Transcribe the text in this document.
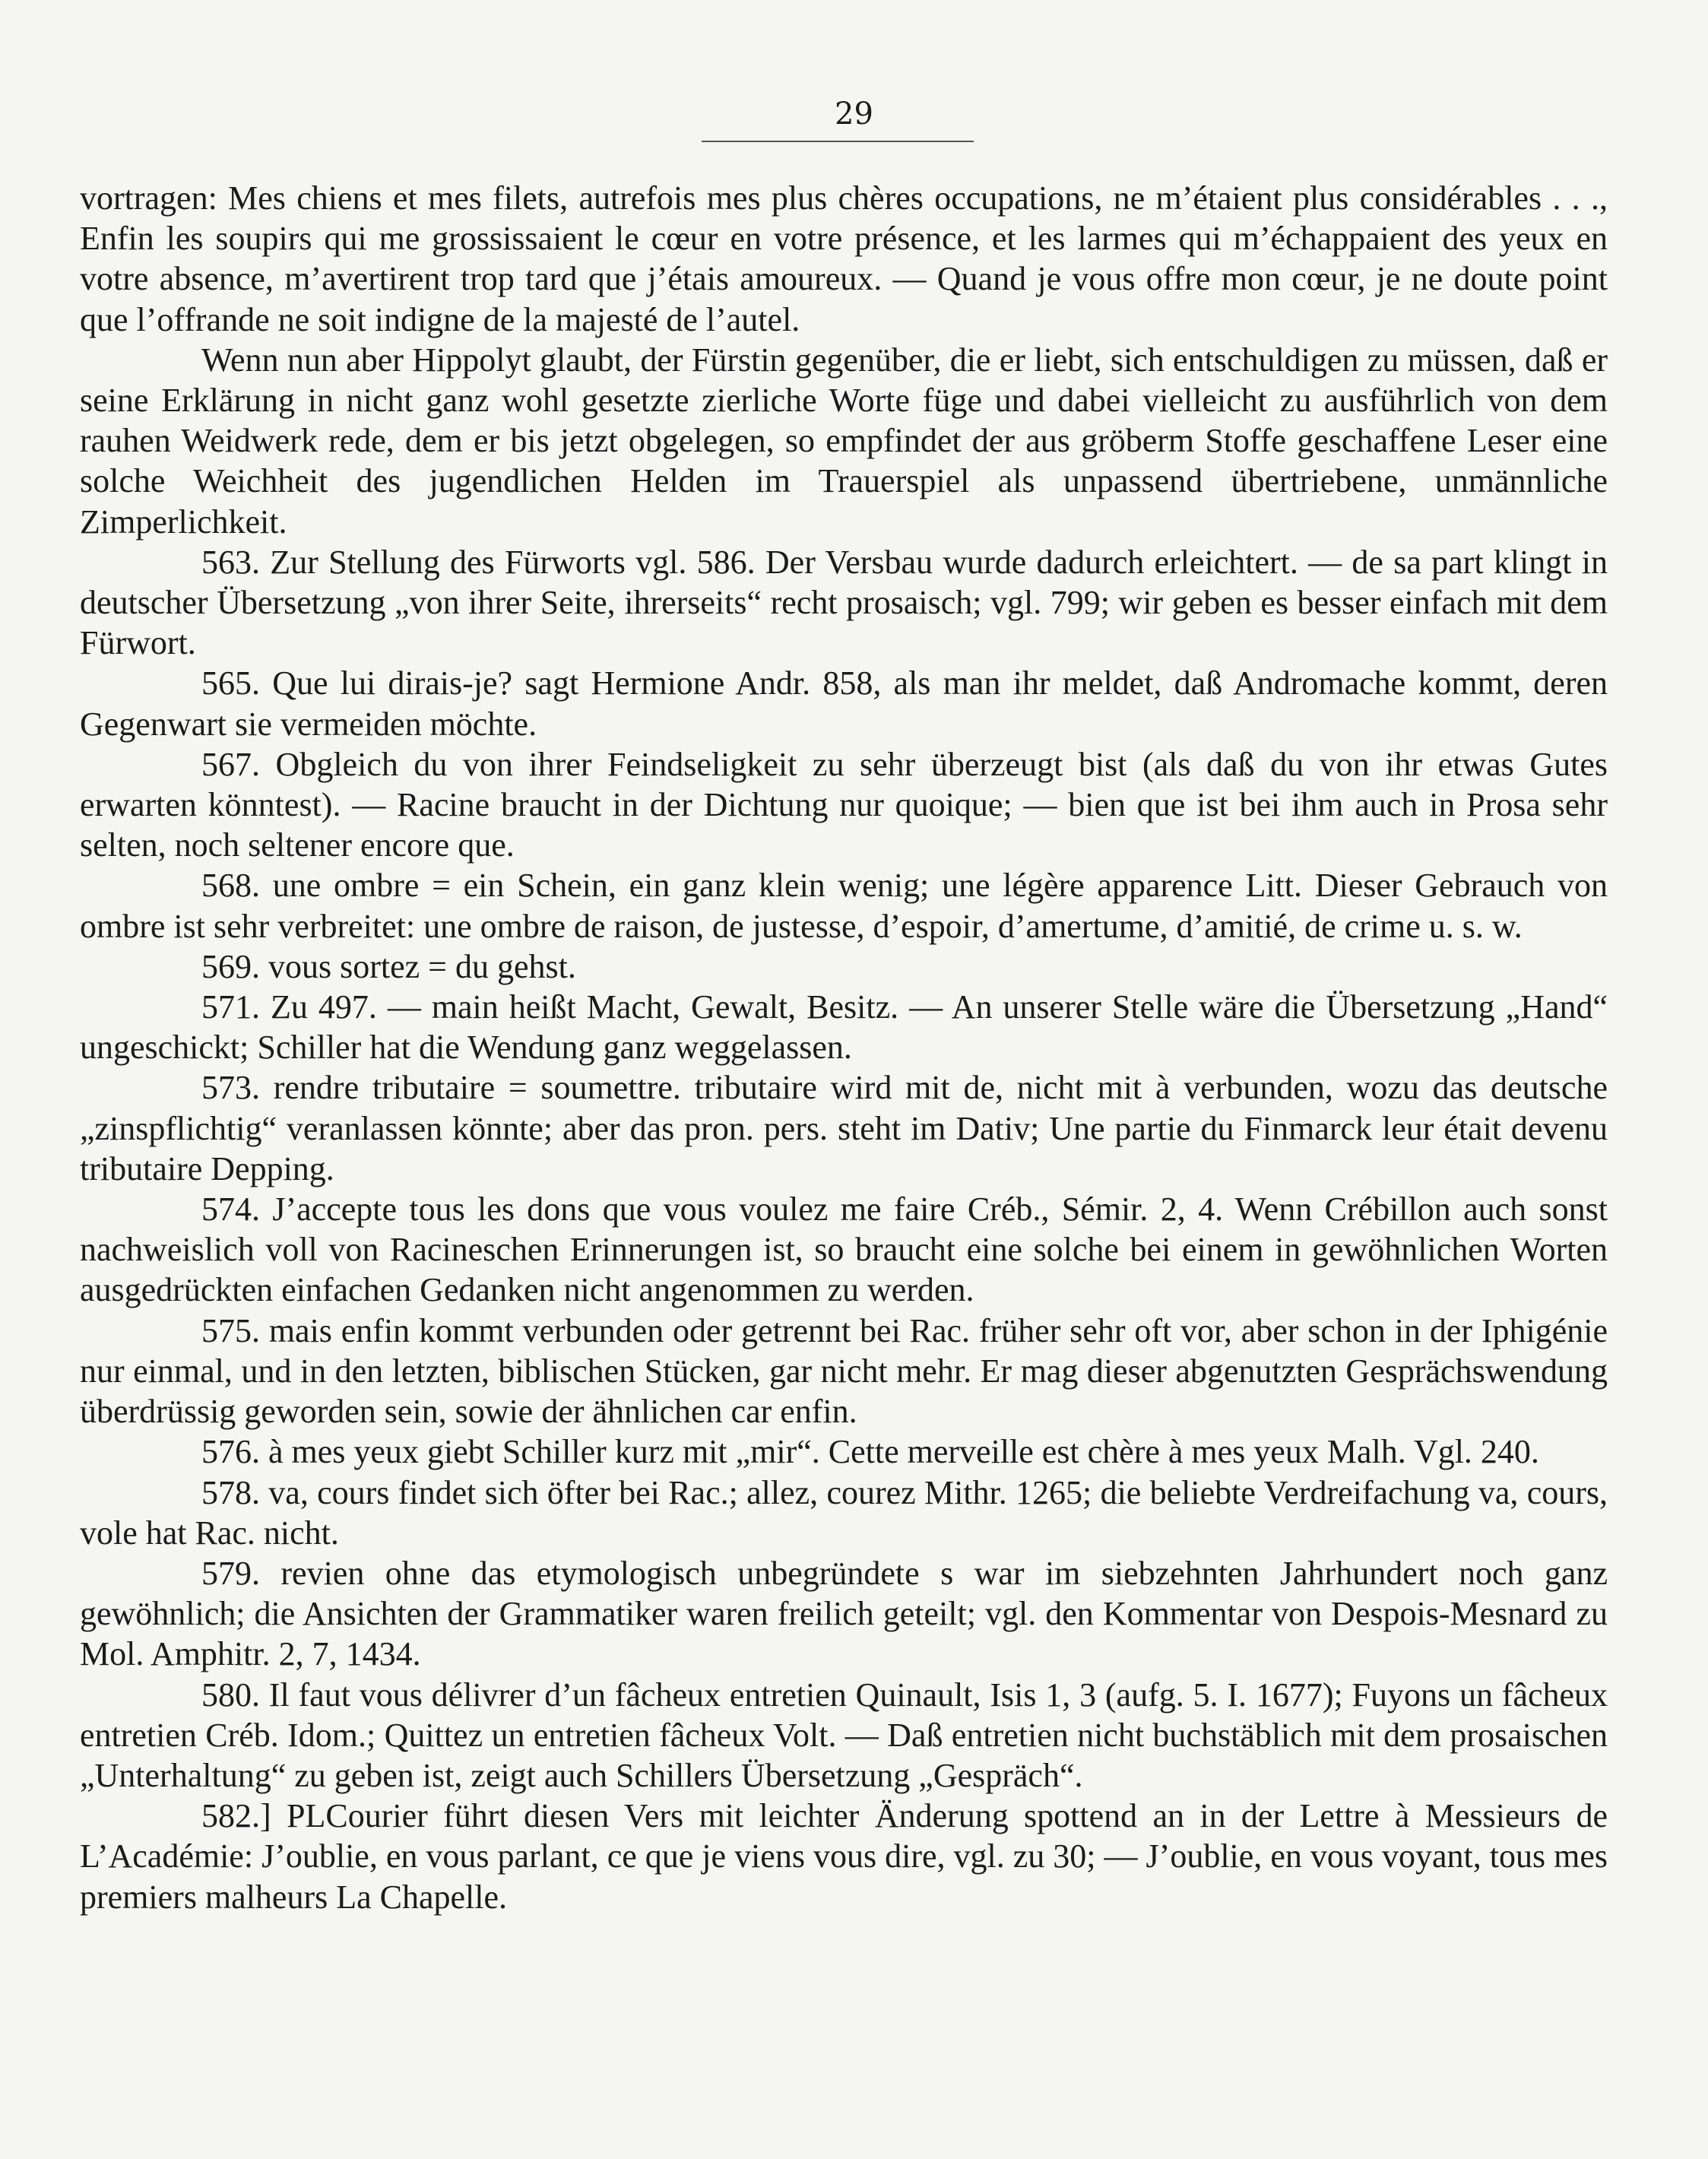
29

vortragen: Mes chiens et mes filets, autrefois mes plus chères occupations, ne m’étaient plus considérables . . ., Enfin les soupirs qui me grossissaient le cœur en votre présence, et les larmes qui m’échappaient des yeux en votre absence, m’avertirent trop tard que j’étais amoureux. — Quand je vous offre mon cœur, je ne doute point que l’offrande ne soit indigne de la majesté de l’autel.

Wenn nun aber Hippolyt glaubt, der Fürstin gegenüber, die er liebt, sich entschuldigen zu müssen, daß er seine Erklärung in nicht ganz wohl gesetzte zierliche Worte füge und dabei vielleicht zu ausführlich von dem rauhen Weidwerk rede, dem er bis jetzt obgelegen, so empfindet der aus gröberm Stoffe geschaffene Leser eine solche Weichheit des jugendlichen Helden im Trauerspiel als unpassend übertriebene, unmännliche Zimperlichkeit.

563. Zur Stellung des Fürworts vgl. 586. Der Versbau wurde dadurch erleichtert. — de sa part klingt in deutscher Übersetzung „von ihrer Seite, ihrerseits“ recht prosaisch; vgl. 799; wir geben es besser einfach mit dem Fürwort.

565. Que lui dirais-je? sagt Hermione Andr. 858, als man ihr meldet, daß Andromache kommt, deren Gegenwart sie vermeiden möchte.

567. Obgleich du von ihrer Feindseligkeit zu sehr überzeugt bist (als daß du von ihr etwas Gutes erwarten könntest). — Racine braucht in der Dichtung nur quoique; — bien que ist bei ihm auch in Prosa sehr selten, noch seltener encore que.

568. une ombre = ein Schein, ein ganz klein wenig; une légère apparence Litt. Dieser Gebrauch von ombre ist sehr verbreitet: une ombre de raison, de justesse, d’espoir, d’amertume, d’amitié, de crime u. s. w.

569. vous sortez = du gehst.

571. Zu 497. — main heißt Macht, Gewalt, Besitz. — An unserer Stelle wäre die Übersetzung „Hand“ ungeschickt; Schiller hat die Wendung ganz weggelassen.

573. rendre tributaire = soumettre. tributaire wird mit de, nicht mit à verbunden, wozu das deutsche „zinspflichtig“ veranlassen könnte; aber das pron. pers. steht im Dativ; Une partie du Finmarck leur était devenu tributaire Depping.

574. J’accepte tous les dons que vous voulez me faire Créb., Sémir. 2, 4. Wenn Crébillon auch sonst nachweislich voll von Racineschen Erinnerungen ist, so braucht eine solche bei einem in gewöhnlichen Worten ausgedrückten einfachen Gedanken nicht angenommen zu werden.

575. mais enfin kommt verbunden oder getrennt bei Rac. früher sehr oft vor, aber schon in der Iphigénie nur einmal, und in den letzten, biblischen Stücken, gar nicht mehr. Er mag dieser abgenutzten Gesprächswendung überdrüssig geworden sein, sowie der ähnlichen car enfin.

576. à mes yeux giebt Schiller kurz mit „mir“. Cette merveille est chère à mes yeux Malh. Vgl. 240.

578. va, cours findet sich öfter bei Rac.; allez, courez Mithr. 1265; die beliebte Verdreifachung va, cours, vole hat Rac. nicht.

579. revien ohne das etymologisch unbegründete s war im siebzehnten Jahrhundert noch ganz gewöhnlich; die Ansichten der Grammatiker waren freilich geteilt; vgl. den Kommentar von Despois-Mesnard zu Mol. Amphitr. 2, 7, 1434.

580. Il faut vous délivrer d’un fâcheux entretien Quinault, Isis 1, 3 (aufg. 5. I. 1677); Fuyons un fâcheux entretien Créb. Idom.; Quittez un entretien fâcheux Volt. — Daß entretien nicht buchstäblich mit dem prosaischen „Unterhaltung“ zu geben ist, zeigt auch Schillers Übersetzung „Gespräch“.

582.] PLCourier führt diesen Vers mit leichter Änderung spottend an in der Lettre à Messieurs de L’Académie: J’oublie, en vous parlant, ce que je viens vous dire, vgl. zu 30; — J’oublie, en vous voyant, tous mes premiers malheurs La Chapelle.
